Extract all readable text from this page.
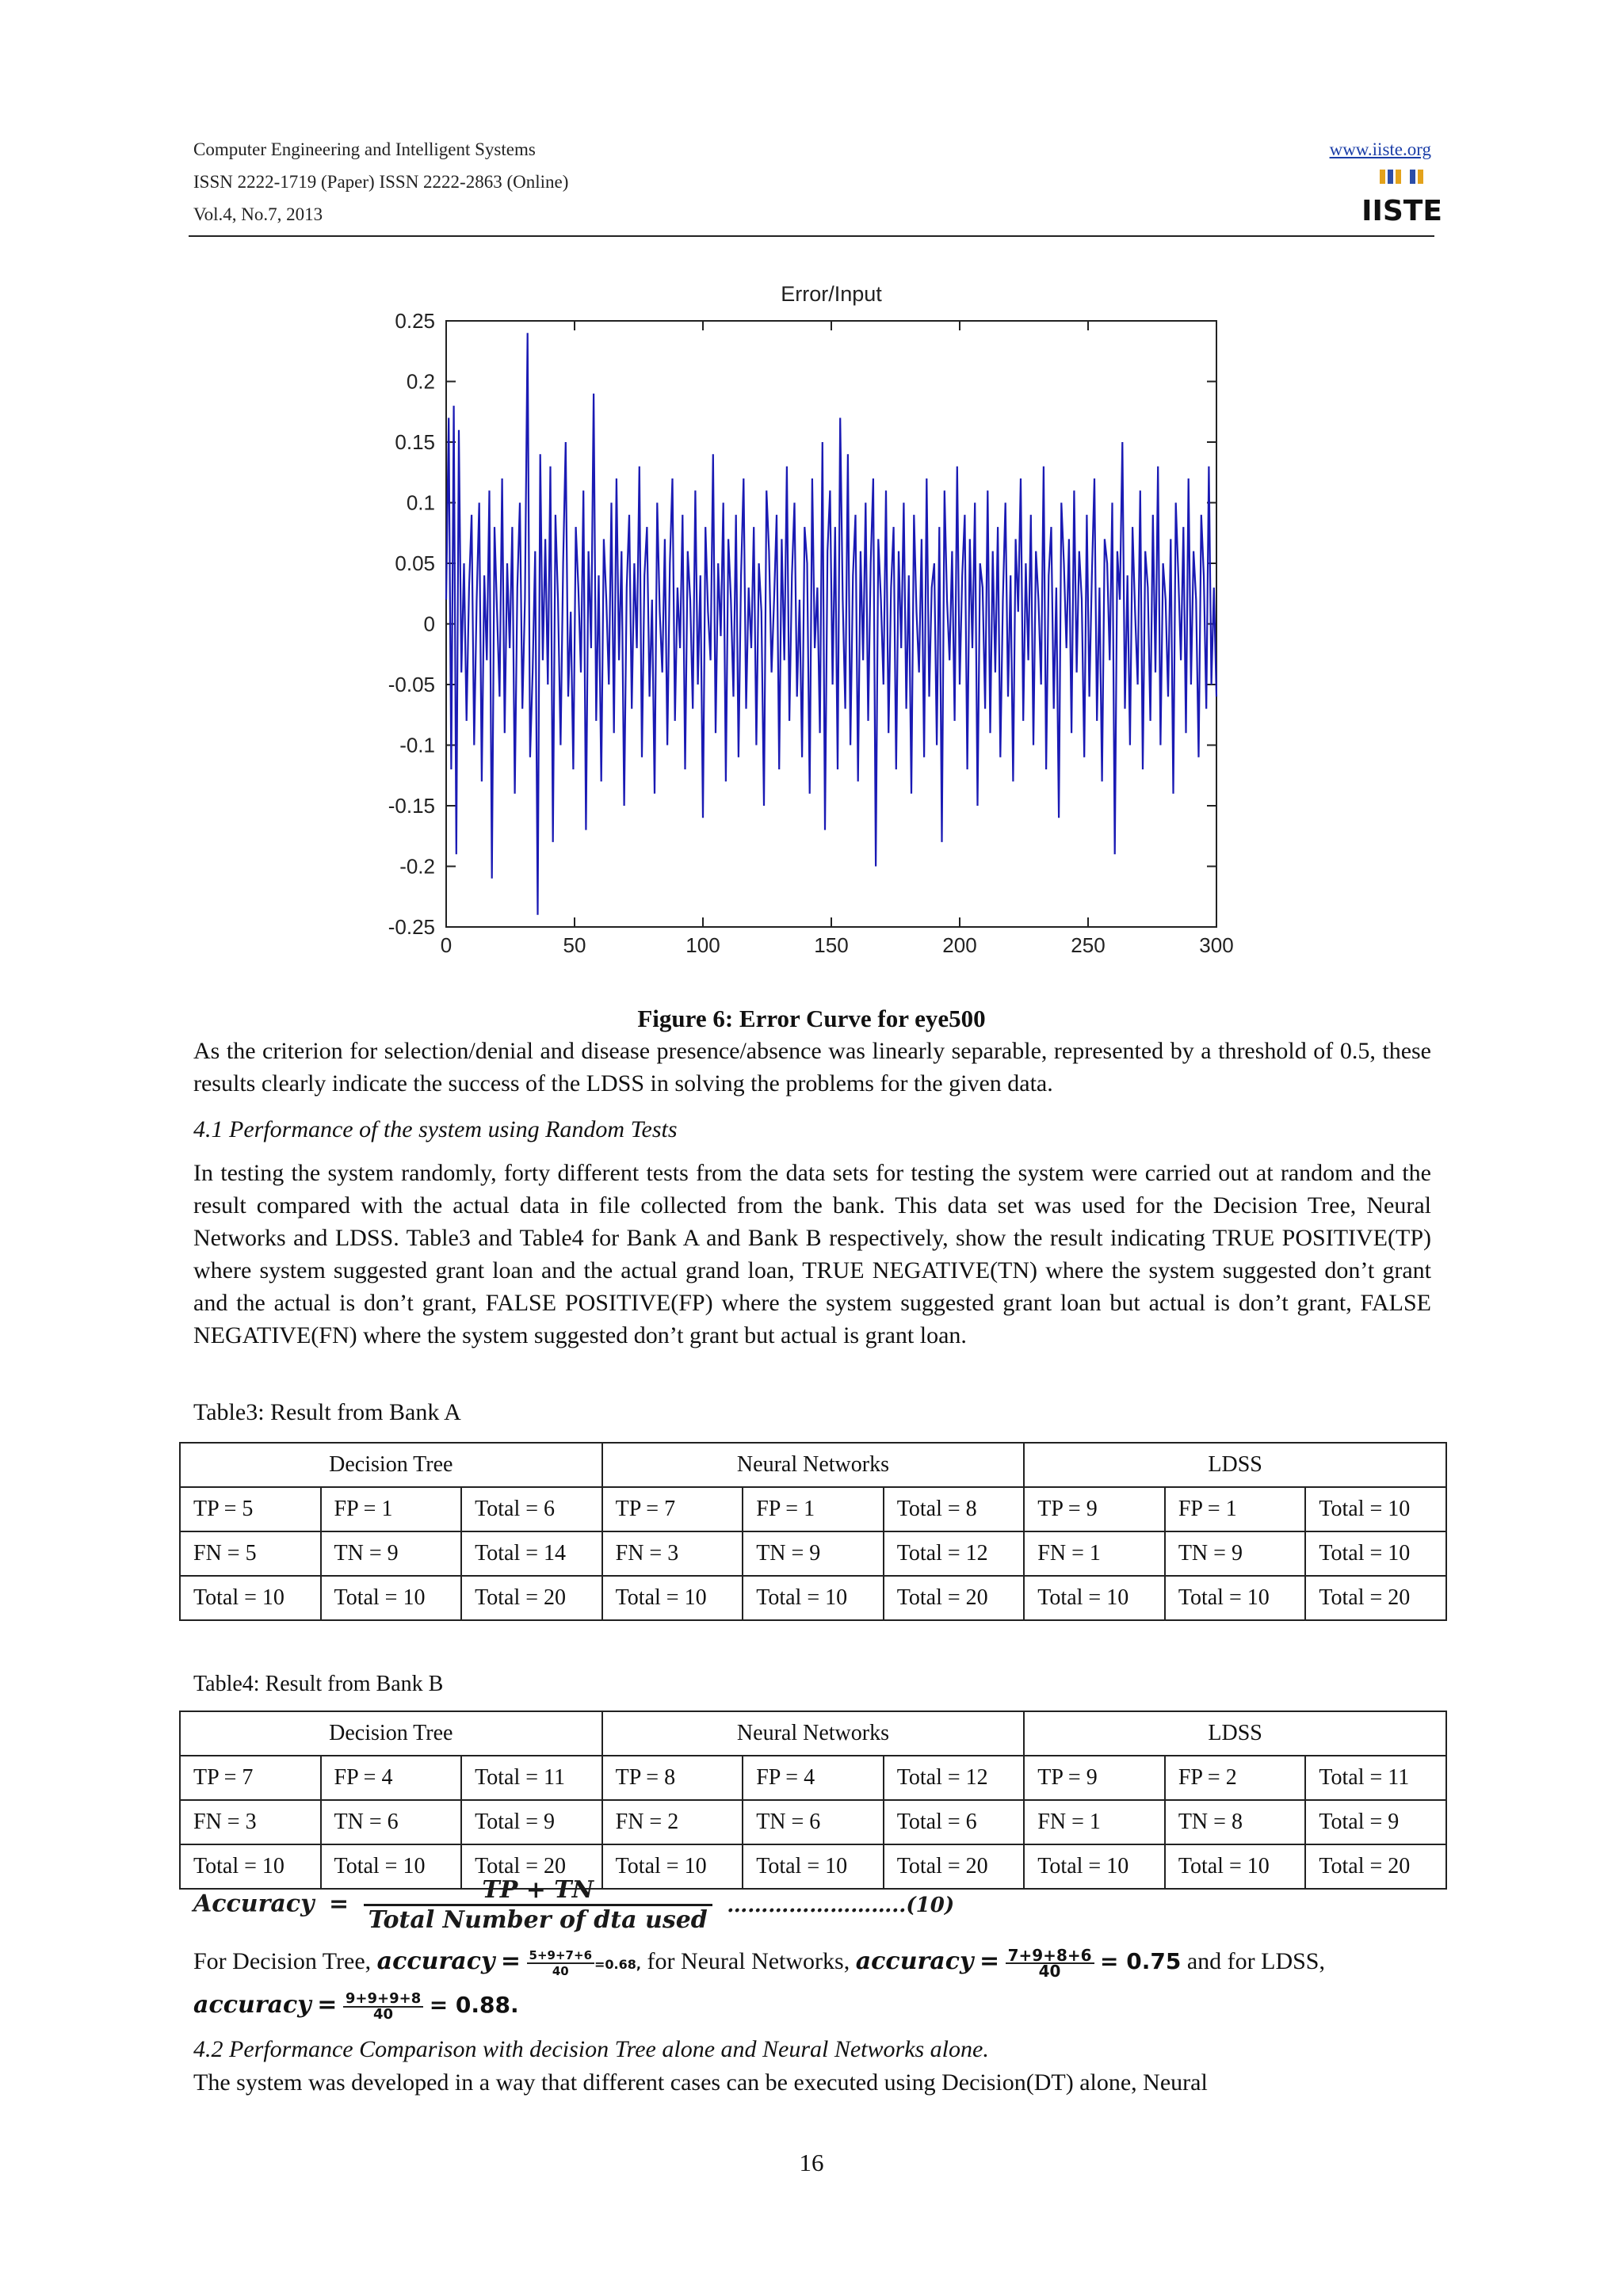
Computer Engineering and Intelligent Systems
ISSN 2222-1719 (Paper) ISSN 2222-2863 (Online)
Vol.4, No.7, 2013
www.iiste.org
IISTE
Error/Input
0.25
0.2
0.15
0.1
0.05
0
-0.05
-0.1
-0.15
-0.2
-0.25
0	50	100	150	200	250	300
Figure 6: Error Curve for eye500
As the criterion for selection/denial and disease presence/absence was linearly separable, represented by a threshold of 0.5, these results clearly indicate the success of the LDSS in solving the problems for the given data.
4.1 Performance of the system using Random Tests
In testing the system randomly, forty different tests from the data sets for testing the system were carried out at random and the result compared with the actual data in file collected from the bank. This data set was used for the Decision Tree, Neural Networks and LDSS. Table3 and Table4 for Bank A and Bank B respectively, show the result indicating TRUE POSITIVE(TP) where system suggested grant loan and the actual grand loan, TRUE NEGATIVE(TN) where the system suggested don’t grant and the actual is don’t grant, FALSE POSITIVE(FP) where the system suggested grant loan but actual is don’t grant, FALSE NEGATIVE(FN) where the system suggested don’t grant but actual is grant loan.
Table3: Result from Bank A
Decision Tree			Neural Networks			LDSS		
TP = 5	FP = 1	Total = 6	TP = 7	FP = 1	Total = 8	TP = 9	FP = 1	Total = 10
FN = 5	TN = 9	Total = 14	FN = 3	TN = 9	Total = 12	FN = 1	TN = 9	Total = 10
Total = 10	Total = 10	Total = 20	Total = 10	Total = 10	Total = 20	Total = 10	Total = 10	Total = 20
Table4: Result from Bank B
Decision Tree			Neural Networks			LDSS		
TP = 7	FP = 4	Total = 11	TP = 8	FP = 4	Total = 12	TP = 9	FP = 2	Total = 11
FN = 3	TN = 6	Total = 9	FN = 2	TN = 6	Total = 6	FN = 1	TN = 8	Total = 9
Total = 10	Total = 10	Total = 20	Total = 10	Total = 10	Total = 20	Total = 10	Total = 10	Total = 20
Accuracy = $\frac{TP + TN}{\text{Total Number of dta used}}$ ……………………..(10)
For Decision Tree, accuracy = $\frac{5+9+7+6}{40} =0.68$, for Neural Networks, accuracy = $\frac{7+9+8+6}{40} = 0.75$ and for LDSS,
accuracy = $\frac{9+9+9+8}{40} = 0.88$.
4.2 Performance Comparison with decision Tree alone and Neural Networks alone.
The system was developed in a way that different cases can be executed using Decision(DT) alone, Neural
16
